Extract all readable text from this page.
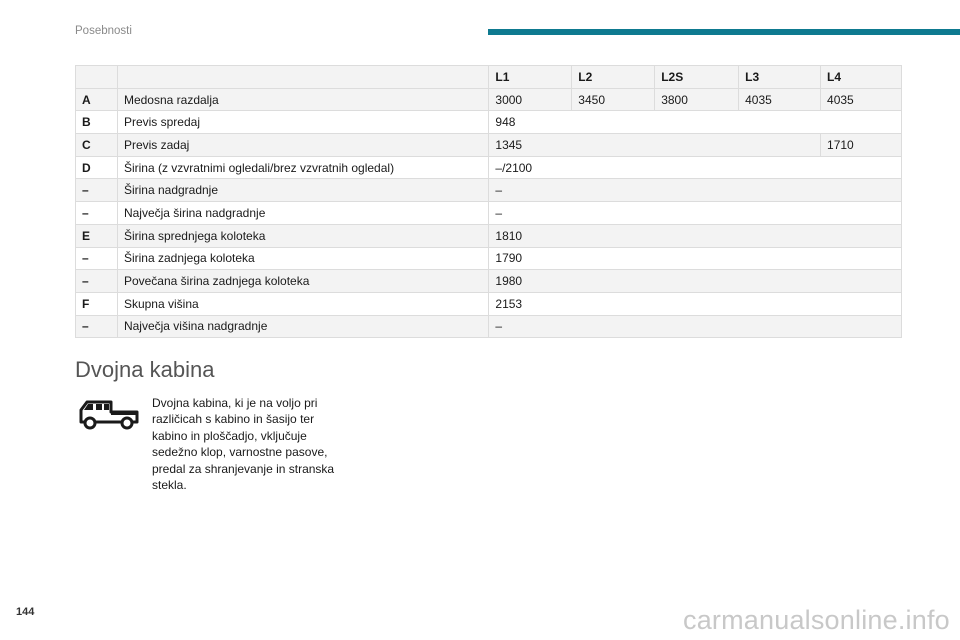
Posebnosti
		L1	L2	L2S	L3	L4
A	Medosna razdalja	3000	3450	3800	4035	4035
B	Previs spredaj	948				
C	Previs zadaj	1345				1710
D	Širina (z vzvratnimi ogledali/brez vzvratnih ogledal)	–/2100				
–	Širina nadgradnje	–				
–	Največja širina nadgradnje	–				
E	Širina sprednjega koloteka	1810				
–	Širina zadnjega koloteka	1790				
–	Povečana širina zadnjega koloteka	1980				
F	Skupna višina	2153				
–	Največja višina nadgradnje	–				
Dvojna kabina

Dvojna kabina, ki je na voljo pri različicah s kabino in šasijo ter kabino in ploščadjo, vključuje sedežno klop, varnostne pasove, predal za shranjevanje in stranska stekla.

144	carmanualsonline.info
